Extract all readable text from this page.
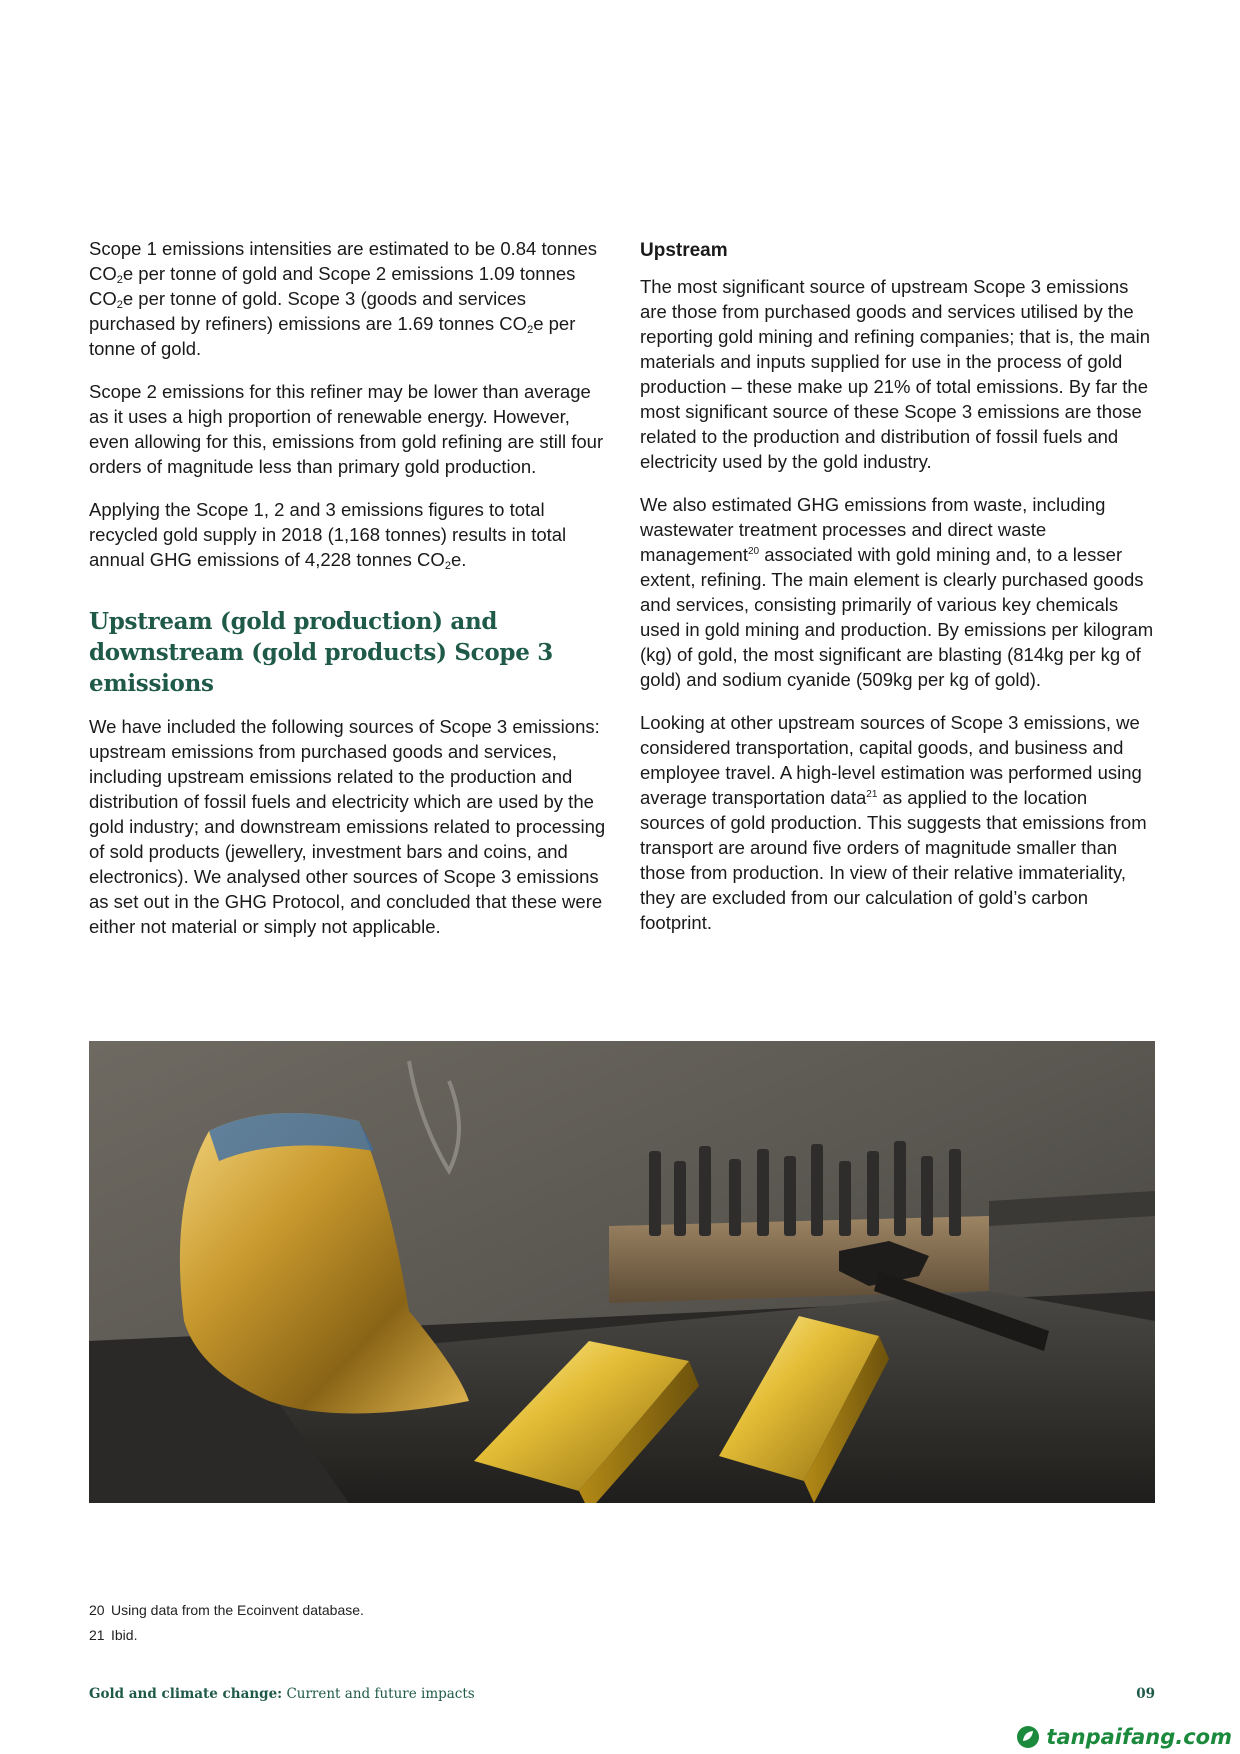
Scope 1 emissions intensities are estimated to be 0.84 tonnes $CO_2e$ per tonne of gold and Scope 2 emissions 1.09 tonnes $CO_2e$ per tonne of gold. Scope 3 (goods and services purchased by refiners) emissions are 1.69 tonnes $CO_2e$ per tonne of gold.

Scope 2 emissions for this refiner may be lower than average as it uses a high proportion of renewable energy. However, even allowing for this, emissions from gold refining are still four orders of magnitude less than primary gold production.

Applying the Scope 1, 2 and 3 emissions figures to total recycled gold supply in 2018 (1,168 tonnes) results in total annual GHG emissions of 4,228 tonnes $CO_2e$.

Upstream (gold production) and downstream (gold products) Scope 3 emissions

We have included the following sources of Scope 3 emissions: upstream emissions from purchased goods and services, including upstream emissions related to the production and distribution of fossil fuels and electricity which are used by the gold industry; and downstream emissions related to processing of sold products (jewellery, investment bars and coins, and electronics). We analysed other sources of Scope 3 emissions as set out in the GHG Protocol, and concluded that these were either not material or simply not applicable.

Upstream

The most significant source of upstream Scope 3 emissions are those from purchased goods and services utilised by the reporting gold mining and refining companies; that is, the main materials and inputs supplied for use in the process of gold production – these make up 21% of total emissions. By far the most significant source of these Scope 3 emissions are those related to the production and distribution of fossil fuels and electricity used by the gold industry.

We also estimated GHG emissions from waste, including wastewater treatment processes and direct waste management$^{20}$ associated with gold mining and, to a lesser extent, refining. The main element is clearly purchased goods and services, consisting primarily of various key chemicals used in gold mining and production. By emissions per kilogram (kg) of gold, the most significant are blasting (814kg per kg of gold) and sodium cyanide (509kg per kg of gold).

Looking at other upstream sources of Scope 3 emissions, we considered transportation, capital goods, and business and employee travel. A high-level estimation was performed using average transportation data$^{21}$ as applied to the location sources of gold production. This suggests that emissions from transport are around five orders of magnitude smaller than those from production. In view of their relative immateriality, they are excluded from our calculation of gold’s carbon footprint.

20 Using data from the Ecoinvent database.
21 Ibid.
Gold and climate change: Current and future impacts	09
tanpaifang.com
